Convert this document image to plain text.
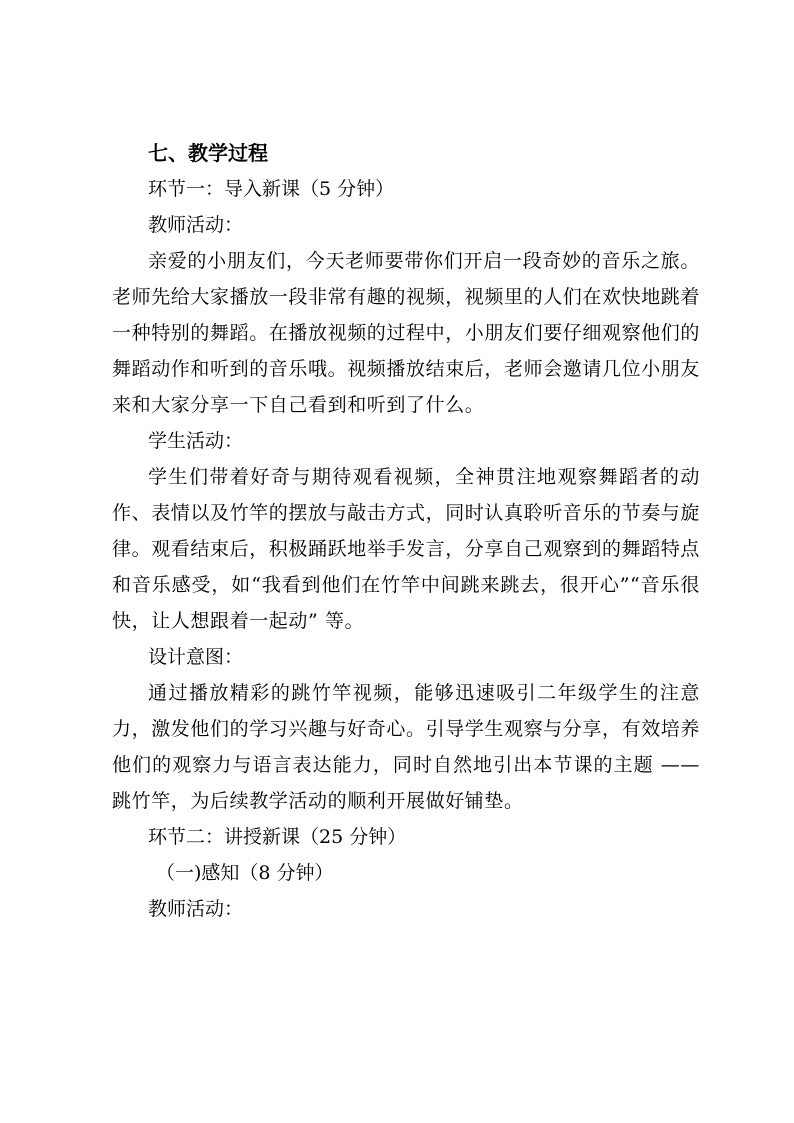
七、教学过程
环节一：导入新课（5 分钟）
教师活动：

亲爱的小朋友们，今天老师要带你们开启一段奇妙的音乐之旅。老师先给大家播放一段非常有趣的视频，视频里的人们在欢快地跳着一种特别的舞蹈。在播放视频的过程中，小朋友们要仔细观察他们的舞蹈动作和听到的音乐哦。视频播放结束后，老师会邀请几位小朋友来和大家分享一下自己看到和听到了什么。

学生活动：

学生们带着好奇与期待观看视频，全神贯注地观察舞蹈者的动作、表情以及竹竿的摆放与敲击方式，同时认真聆听音乐的节奏与旋律。观看结束后，积极踊跃地举手发言，分享自己观察到的舞蹈特点和音乐感受，如“我看到他们在竹竿中间跳来跳去，很开心”“音乐很快，让人想跟着一起动” 等。

设计意图：

通过播放精彩的跳竹竿视频，能够迅速吸引二年级学生的注意力，激发他们的学习兴趣与好奇心。引导学生观察与分享，有效培养他们的观察力与语言表达能力，同时自然地引出本节课的主题 —— 跳竹竿，为后续教学活动的顺利开展做好铺垫。

环节二：讲授新课（25 分钟）
（一)感知（8 分钟）
教师活动：
